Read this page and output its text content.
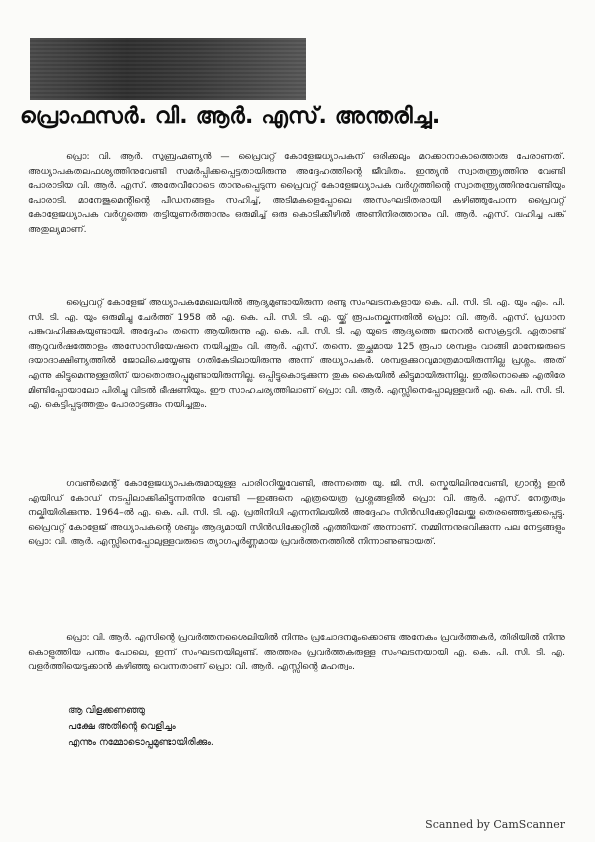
പ്രൊഫസർ. വി. ആർ. എസ്. അന്തരിച്ചു.
പ്രൊ: വി. ആർ. സുബ്രഹ്മണ്യൻ — പ്രൈവറ്റ് കോളേജധ്യാപകന് ഒരിക്കലും മറക്കാനാകാത്തൊരു പേരാണത്. അധ്യാപകതലഫശ്യത്തിനുവേണ്ടി സമർപ്പിക്കപ്പെട്ടതായിരുന്നു അദ്ദേഹത്തിന്റെ ജീവിതം. ഇന്ത്യൻ സ്വാതന്ത്ര്യത്തിനു വേണ്ടി പോരാടിയ വി. ആർ. എസ്. അതേവീറോടെ താനുംപ്പെടുന്ന പ്രൈവറ്റ് കോളേജധ്യാപക വർഗ്ഗത്തിന്റെ സ്വാതന്ത്ര്യത്തിനുവേണ്ടിയും പോരാടി. മാനേജുമെന്റിന്റെ പീഡനങ്ങളം സഹിച്ച്, അടിമകളെപ്പോലെ അസംഘടിതരായി കഴിഞ്ഞുപോന്ന പ്രൈവറ്റ് കോളേജധ്യാപക വർഗ്ഗത്തെ തട്ടിയുണർത്താനും ഒരുമിച്ച് ഒരു കൊടിക്കീഴിൽ അണിനിരത്താനും വി. ആർ. എസ്. വഹിച്ച പങ്ക് അതുല്യമാണ്.
പ്രൈവറ്റ് കോളേജ് അധ്യാപകമേഖലയിൽ ആദ്യമുണ്ടായിരുന്ന രണ്ടു സംഘടനകളായ കെ. പി. സി. ടി. എ. യും എം. പി. സി. ടി. എ. യും ഒരുമിച്ചു ചേർത്ത് 1958 ൽ എ. കെ. പി. സി. ടി. എ. യ്ക്ക് രൂപംനല്കുന്നതിൽ പ്രൊ: വി. ആർ. എസ്. പ്രധാന പങ്കുവഹിക്കുകയുണ്ടായി. അദ്ദേഹം തന്നെ ആയിരുന്നു എ. കെ. പി. സി. ടി. എ യുടെ ആദ്യത്തെ ജനറൽ സെക്രട്ടറി. ഏതാണ്ട് ആറുവർഷത്തോളം അസോസിയേഷനെ നയിച്ചതും വി. ആർ. എസ്. തന്നെ. തുച്ഛമായ 125 രൂപാ ശമ്പളം വാങ്ങി മാനേജരുടെ ദയാദാക്ഷിണ്യത്തിൽ ജോലിചെയ്യേണ്ട ഗതികേടിലായിരുന്നു അന്ന് അധ്യാപകർ. ശമ്പളക്കുറവുമാത്രമായിരുന്നില്ല പ്രശ്നം. അത് എന്നു കിട്ടുമെന്നുള്ളതിന് യാതൊരുറപ്പുമുണ്ടായിരുന്നില്ല. ഒപ്പിട്ടുകൊടുക്കുന്ന തുക കൈയിൽ കിട്ടുമായിരുന്നില്ല. ഇതിനൊക്കെ എതിരേ മിണ്ടിപ്പോയാലോ പിരിച്ചു വിടൽ ഭീഷണിയും. ഈ സാഹചര്യത്തിലാണ് പ്രൊ: വി. ആർ. എസ്സിനെപ്പോലുള്ളവർ എ. കെ. പി. സി. ടി. എ. കെട്ടിപ്പടുത്തതും പോരാട്ടങ്ങം നയിച്ചതും.
ഗവൺമെന്റ് കോളേജധ്യാപകരുമായുള്ള പാരിററിയ്ക്കുവേണ്ടി, അന്നത്തെ യു. ജി. സി. സ്കെയിലിനുവേണ്ടി, ഗ്രാന്റു ഇൻ എയിഡ് കോഡ് നടപ്പിലാക്കികിട്ടുന്നതിനു വേണ്ടി —ഇങ്ങനെ എത്രയെത്ര പ്രശ്നങ്ങളിൽ പ്രൊ: വി. ആർ. എസ്. നേതൃത്വം നല്കിയിരിക്കുന്നു. 1964–ൽ എ. കെ. പി. സി. ടി. എ. പ്രതിനിധി എന്നനിലയിൽ അദ്ദേഹം സിൻഡിക്കേറ്റിലേയ്ക്കു തെരഞ്ഞെടുക്കപ്പെട്ടു. പ്രൈവറ്റ് കോളേജ് അധ്യാപകന്റെ ശബ്ദം ആദ്യമായി സിൻഡിക്കേറ്റിൽ എത്തിയത് അന്നാണ്. നമ്മിന്നനുഭവിക്കുന്ന പല നേട്ടങ്ങളും പ്രൊ: വി. ആർ. എസ്സിനെപ്പോലുള്ളവരുടെ ത്യാഗപൂർണ്ണമായ പ്രവർത്തനത്തിൽ നിന്നാണുണ്ടായത്.
പ്രൊ: വി. ആർ. എസിന്റെ പ്രവർത്തനശൈലിയിൽ നിന്നും പ്രചോദനമുംക്കൊണ്ട അനേകം പ്രവർത്തകർ, തിരിയിൽ നിന്നു കൊളുത്തിയ പന്തം പോലെ, ഇന്ന് സംഘടനയിലുണ്ട്. അത്തരം പ്രവർത്തകരുള്ള സംഘടനയായി എ. കെ. പി. സി. ടി. എ. വളർത്തിയെടുക്കാൻ കഴിഞ്ഞു വെന്നതാണ് പ്രൊ: വി. ആർ. എസ്സിന്റെ മഹത്വം.
ആ വിളക്കണഞ്ഞു
പക്ഷേ അതിന്റെ വെളിച്ചം
എന്നും നമ്മോടൊപ്പമുണ്ടായിരിക്കും.
Scanned by CamScanner
